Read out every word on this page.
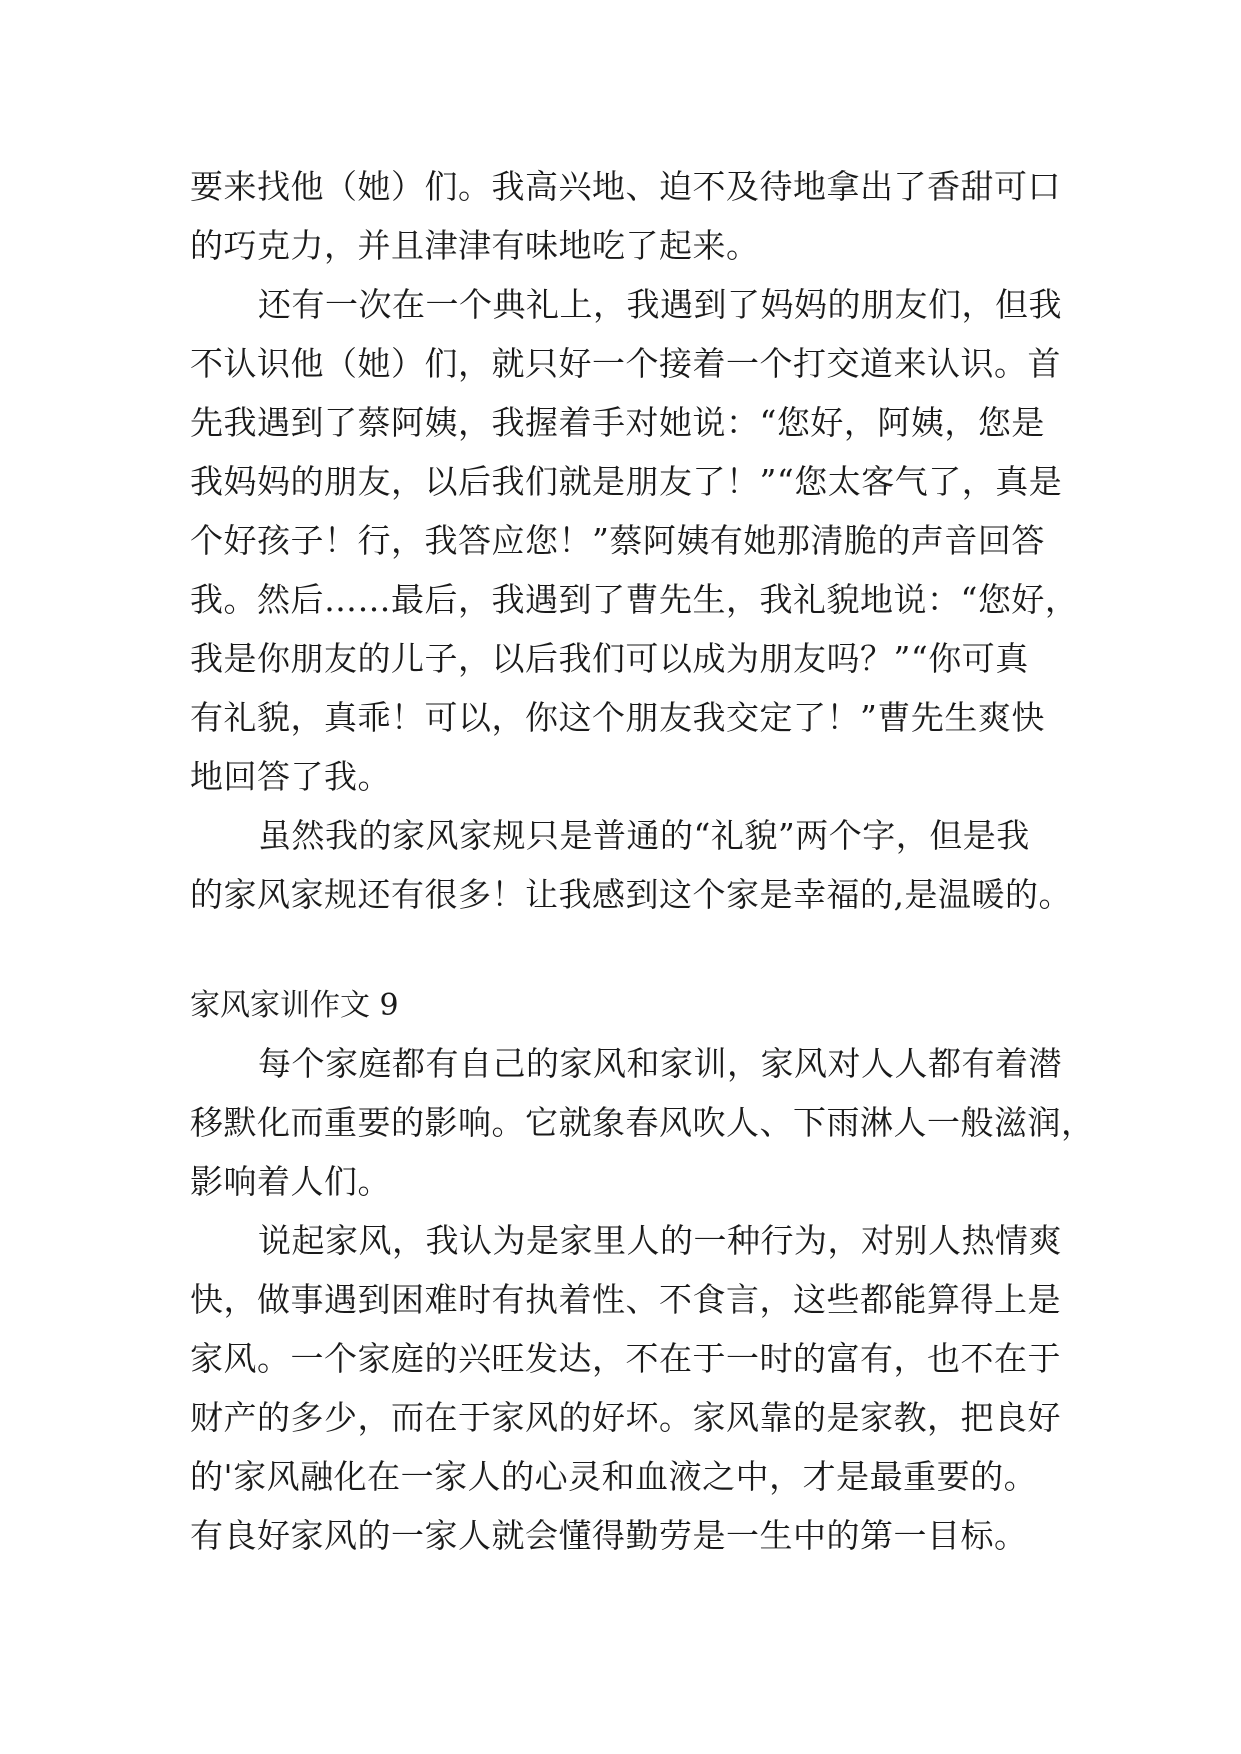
要来找他（她）们。我高兴地、迫不及待地拿出了香甜可口
的巧克力，并且津津有味地吃了起来。
还有一次在一个典礼上，我遇到了妈妈的朋友们，但我
不认识他（她）们，就只好一个接着一个打交道来认识。首
先我遇到了蔡阿姨，我握着手对她说：“您好，阿姨，您是
我妈妈的朋友，以后我们就是朋友了！”“您太客气了，真是
个好孩子！行，我答应您！”蔡阿姨有她那清脆的声音回答
我。然后……最后，我遇到了曹先生，我礼貌地说：“您好，
我是你朋友的儿子，以后我们可以成为朋友吗？”“你可真
有礼貌，真乖！可以，你这个朋友我交定了！”曹先生爽快
地回答了我。
虽然我的家风家规只是普通的“礼貌”两个字，但是我
的家风家规还有很多！让我感到这个家是幸福的,是温暖的。
家风家训作文 9
每个家庭都有自己的家风和家训，家风对人人都有着潜
移默化而重要的影响。它就象春风吹人、下雨淋人一般滋润，
影响着人们。
说起家风，我认为是家里人的一种行为，对别人热情爽
快，做事遇到困难时有执着性、不食言，这些都能算得上是
家风。一个家庭的兴旺发达，不在于一时的富有，也不在于
财产的多少，而在于家风的好坏。家风靠的是家教，把良好
的'家风融化在一家人的心灵和血液之中，才是最重要的。
有良好家风的一家人就会懂得勤劳是一生中的第一目标。
